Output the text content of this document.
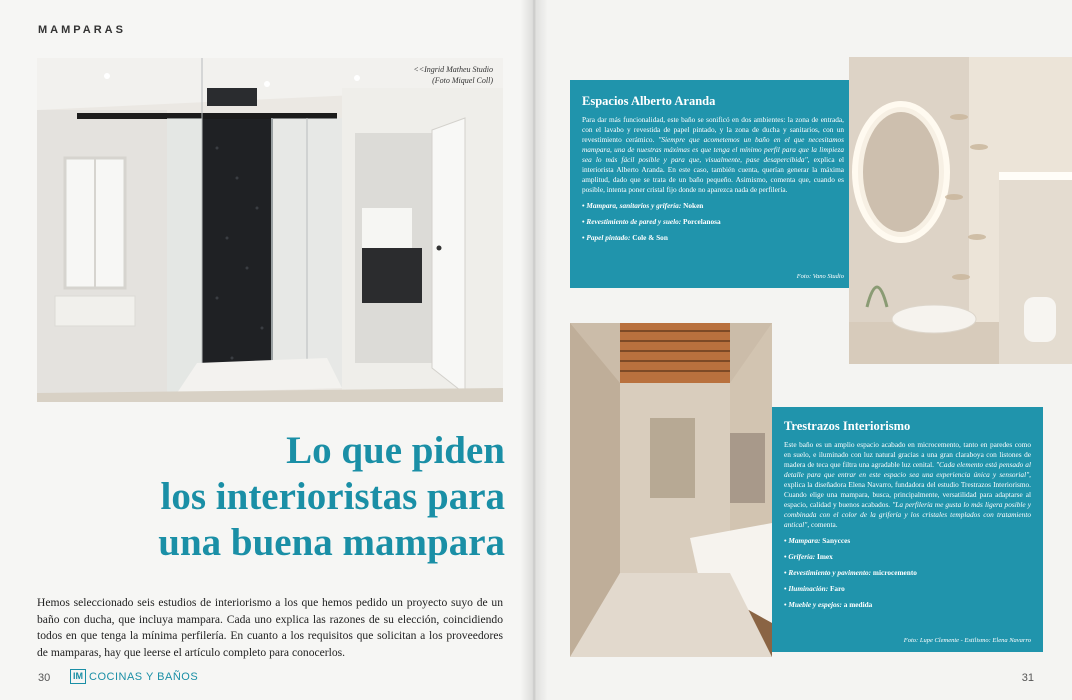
MAMPARAS
<<Ingrid Matheu Studio
(Foto Miquel Coll)
Lo que piden
los interioristas para
una buena mampara

Hemos seleccionado seis estudios de interiorismo a los que hemos pedido un proyecto suyo de un baño con ducha, que incluya mampara. Cada uno explica las razones de su elección, coincidiendo todos en que tenga la mínima perfilería. En cuanto a los requisitos que solicitan a los proveedores de mamparas, hay que leerse el artículo completo para conocerlos.

30	IM COCINAS Y BAÑOS	31
Espacios Alberto Aranda
Para dar más funcionalidad, este baño se sonificó en dos ambientes: la zona de entrada, con el lavabo y revestida de papel pintado, y la zona de ducha y sanitarios, con un revestimiento cerámico. "Siempre que acometemos un baño en el que necesitamos mampara, una de nuestras máximas es que tenga el mínimo perfil para que la limpieza sea lo más fácil posible y para que, visualmente, pase desapercibida", explica el interiorista Alberto Aranda. En este caso, también cuenta, querían generar la máxima amplitud, dado que se trata de un baño pequeño. Asimismo, comenta que, cuando es posible, intenta poner cristal fijo donde no aparezca nada de perfilería.
• Mampara, sanitarios y grifería: Noken
• Revestimiento de pared y suelo: Porcelanosa
• Papel pintado: Cole & Son
Foto: Vano Studio
Trestrazos Interiorismo
Este baño es un amplio espacio acabado en microcemento, tanto en paredes como en suelo, e iluminado con luz natural gracias a una gran claraboya con listones de madera de teca que filtra una agradable luz cenital. "Cada elemento está pensado al detalle para que entrar en este espacio sea una experiencia única y sensorial", explica la diseñadora Elena Navarro, fundadora del estudio Trestrazos Interiorismo. Cuando elige una mampara, busca, principalmente, versatilidad para adaptarse al espacio, calidad y buenos acabados. "La perfilería me gusta lo más ligera posible y combinada con el color de la grifería y los cristales templados con tratamiento antical", comenta.
• Mampara: Sanycces
• Grifería: Imex
• Revestimiento y pavimento: microcemento
• Iluminación: Faro
• Mueble y espejos: a medida
Foto: Lupe Clemente - Estilismo: Elena Navarro
